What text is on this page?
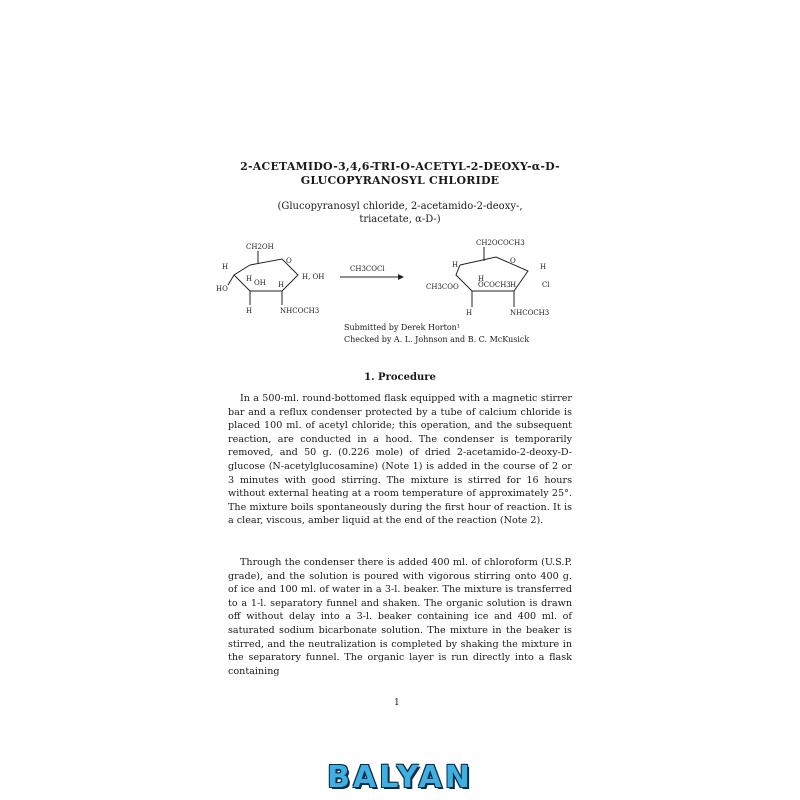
2-ACETAMIDO-3,4,6-TRI-O-ACETYL-2-DEOXY-α-D-
GLUCOPYRANOSYL CHLORIDE
(Glucopyranosyl chloride, 2-acetamido-2-deoxy-,
triacetate, α-D-)
CH2OH
H
O
H, OH
H OH H
HO
H	NHCOCH3
CH3COCl
CH2OCOCH3
H	O
H
H
OCOCH3
CH3COO	H	Cl
H	NHCOCH3
Submitted by Derek Horton¹
Checked by A. L. Johnson and B. C. McKusick
1. Procedure

In a 500-ml. round-bottomed flask equipped with a magnetic stirrer bar and a reflux condenser protected by a tube of calcium chloride is placed 100 ml. of acetyl chloride; this operation, and the subsequent reaction, are conducted in a hood. The condenser is temporarily removed, and 50 g. (0.226 mole) of dried 2-acetamido-2-deoxy-D-glucose (N-acetylglucosamine) (Note 1) is added in the course of 2 or 3 minutes with good stirring. The mixture is stirred for 16 hours without external heating at a room temperature of approximately 25°. The mixture boils spontaneously during the first hour of reaction. It is a clear, viscous, amber liquid at the end of the reaction (Note 2).

Through the condenser there is added 400 ml. of chloroform (U.S.P. grade), and the solution is poured with vigorous stirring onto 400 g. of ice and 100 ml. of water in a 3-l. beaker. The mixture is transferred to a 1-l. separatory funnel and shaken. The organic solution is drawn off without delay into a 3-l. beaker containing ice and 400 ml. of saturated sodium bicarbonate solution. The mixture in the beaker is stirred, and the neutralization is completed by shaking the mixture in the separatory funnel. The organic layer is run directly into a flask containing

1
BALYAN
